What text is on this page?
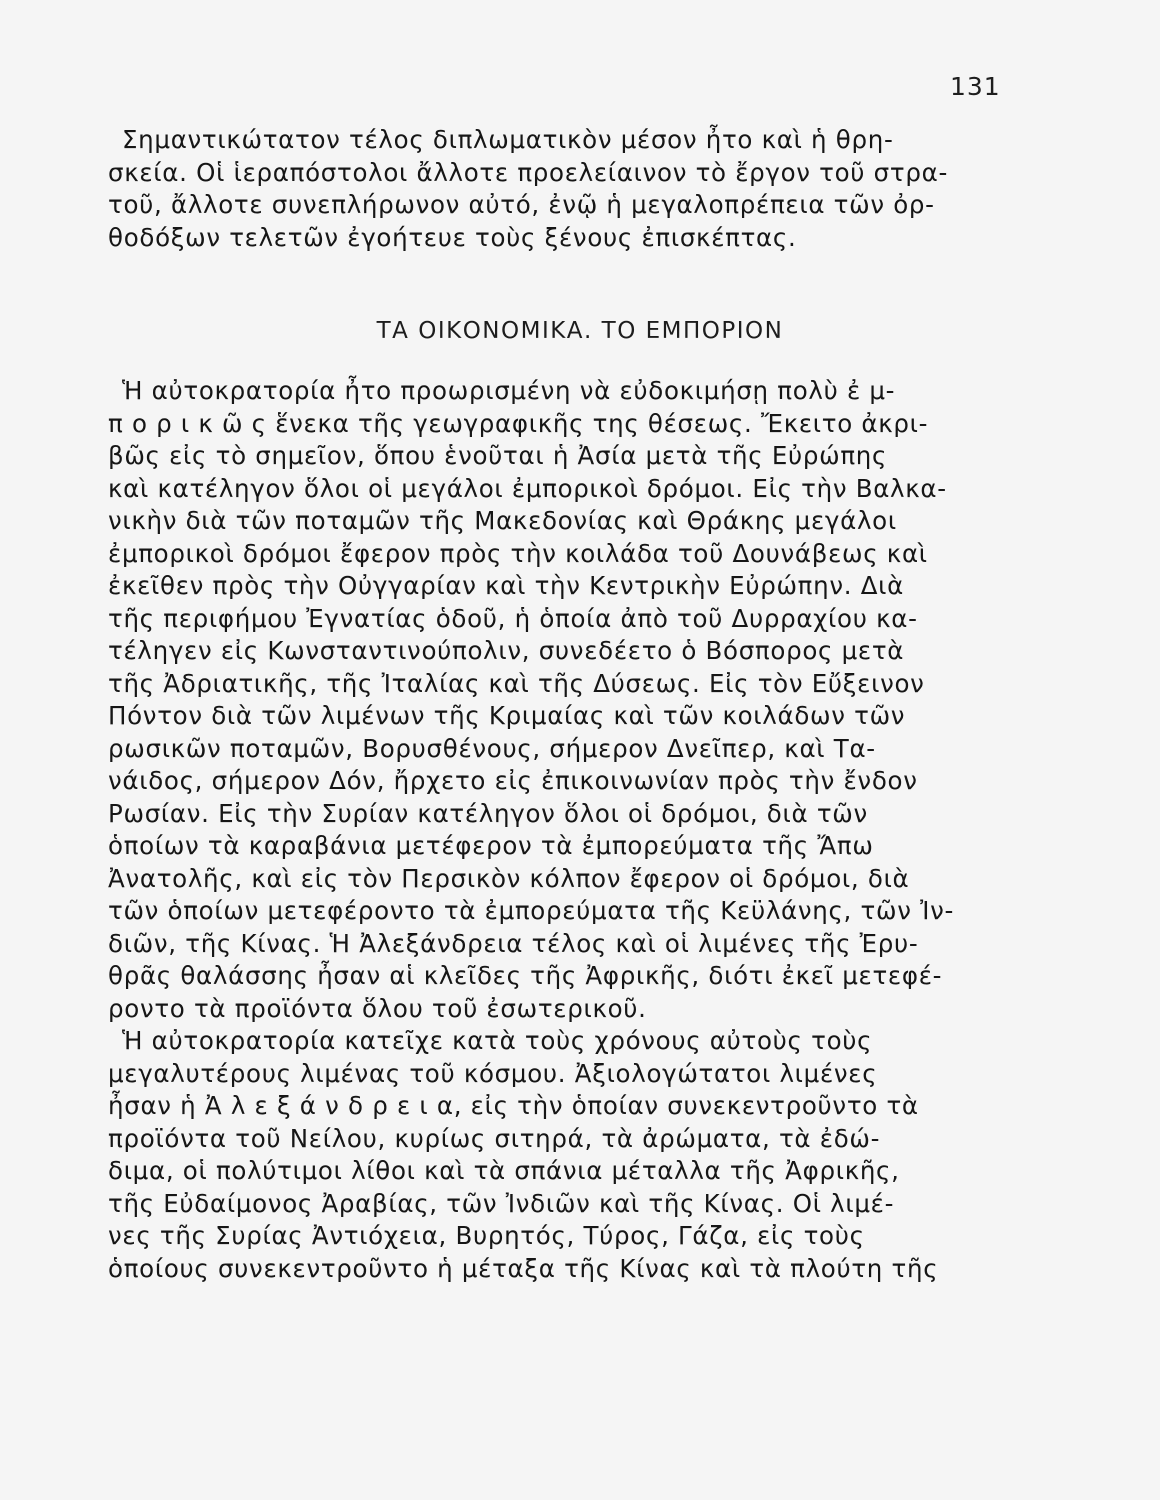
131
Σημαντικώτατον τέλος διπλωματικὸν μέσον ἦτο καὶ ἡ θρη-
σκεία. Οἱ ἱεραπόστολοι ἄλλοτε προελείαινον τὸ ἔργον τοῦ στρα-
τοῦ, ἄλλοτε συνεπλήρωνον αὐτό, ἐνῷ ἡ μεγαλοπρέπεια τῶν ὀρ-
θοδόξων τελετῶν ἐγοήτευε τοὺς ξένους ἐπισκέπτας.
ΤΑ ΟΙΚΟΝΟΜΙΚΑ. ΤΟ ΕΜΠΟΡΙΟΝ
Ἡ αὐτοκρατορία ἦτο προωρισμένη νὰ εὐδοκιμήσῃ πολὺ ἐ μ-
π ο ρ ι κ ῶ ς ἕνεκα τῆς γεωγραφικῆς της θέσεως. Ἔκειτο ἀκρι-
βῶς εἰς τὸ σημεῖον, ὅπου ἑνοῦται ἡ Ἀσία μετὰ τῆς Εὐρώπης
καὶ κατέληγον ὅλοι οἱ μεγάλοι ἐμπορικοὶ δρόμοι. Εἰς τὴν Βαλκα-
νικὴν διὰ τῶν ποταμῶν τῆς Μακεδονίας καὶ Θράκης μεγάλοι
ἐμπορικοὶ δρόμοι ἔφερον πρὸς τὴν κοιλάδα τοῦ Δουνάβεως καὶ
ἐκεῖθεν πρὸς τὴν Οὐγγαρίαν καὶ τὴν Κεντρικὴν Εὐρώπην. Διὰ
τῆς περιφήμου Ἐγνατίας ὁδοῦ, ἡ ὁποία ἀπὸ τοῦ Δυρραχίου κα-
τέληγεν εἰς Κωνσταντινούπολιν, συνεδέετο ὁ Βόσπορος μετὰ
τῆς Ἀδριατικῆς, τῆς Ἰταλίας καὶ τῆς Δύσεως. Εἰς τὸν Εὔξεινον
Πόντον διὰ τῶν λιμένων τῆς Κριμαίας καὶ τῶν κοιλάδων τῶν
ρωσικῶν ποταμῶν, Βορυσθένους, σήμερον Δνεῖπερ, καὶ Τα-
νάιδος, σήμερον Δόν, ἤρχετο εἰς ἐπικοινωνίαν πρὸς τὴν ἔνδον
Ρωσίαν. Εἰς τὴν Συρίαν κατέληγον ὅλοι οἱ δρόμοι, διὰ τῶν
ὁποίων τὰ καραβάνια μετέφερον τὰ ἐμπορεύματα τῆς Ἄπω
Ἀνατολῆς, καὶ εἰς τὸν Περσικὸν κόλπον ἔφερον οἱ δρόμοι, διὰ
τῶν ὁποίων μετεφέροντο τὰ ἐμπορεύματα τῆς Κεϋλάνης, τῶν Ἰν-
διῶν, τῆς Κίνας. Ἡ Ἀλεξάνδρεια τέλος καὶ οἱ λιμένες τῆς Ἐρυ-
θρᾶς θαλάσσης ἦσαν αἱ κλεῖδες τῆς Ἀφρικῆς, διότι ἐκεῖ μετεφέ-
ροντο τὰ προϊόντα ὅλου τοῦ ἐσωτερικοῦ.
Ἡ αὐτοκρατορία κατεῖχε κατὰ τοὺς χρόνους αὐτοὺς τοὺς
μεγαλυτέρους λιμένας τοῦ κόσμου. Ἀξιολογώτατοι λιμένες
ἦσαν ἡ Ἀ λ ε ξ ά ν δ ρ ε ι α, εἰς τὴν ὁποίαν συνεκεντροῦντο τὰ
προϊόντα τοῦ Νείλου, κυρίως σιτηρά, τὰ ἀρώματα, τὰ ἐδώ-
διμα, οἱ πολύτιμοι λίθοι καὶ τὰ σπάνια μέταλλα τῆς Ἀφρικῆς,
τῆς Εὐδαίμονος Ἀραβίας, τῶν Ἰνδιῶν καὶ τῆς Κίνας. Οἱ λιμέ-
νες τῆς Συρίας Ἀντιόχεια, Βυρητός, Τύρος, Γάζα, εἰς τοὺς
ὁποίους συνεκεντροῦντο ἡ μέταξα τῆς Κίνας καὶ τὰ πλούτη τῆς
